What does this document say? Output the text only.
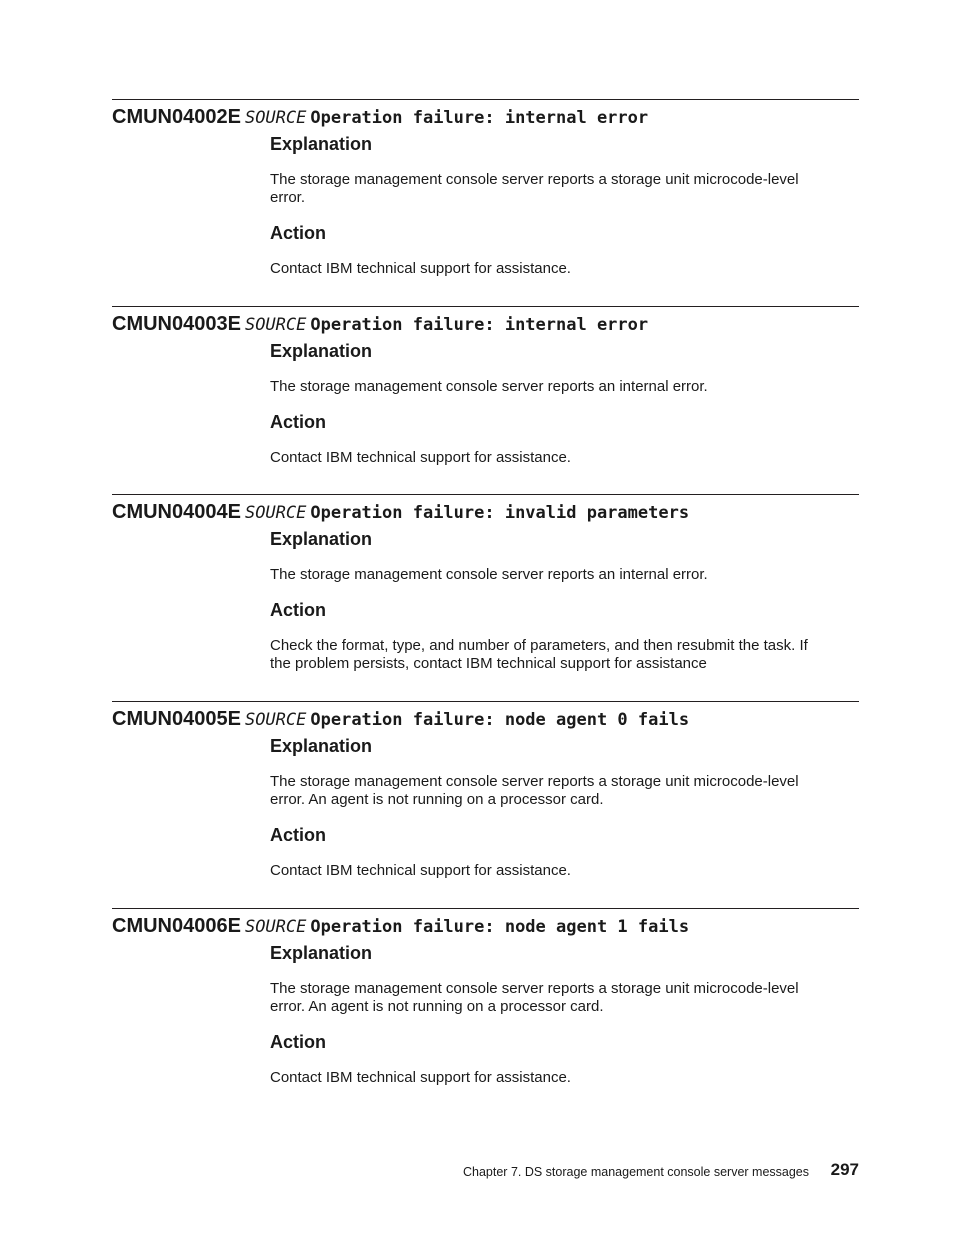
CMUN04002E SOURCE Operation failure: internal error
Explanation

The storage management console server reports a storage unit microcode-level
error.

Action

Contact IBM technical support for assistance.

CMUN04003E SOURCE Operation failure: internal error
Explanation

The storage management console server reports an internal error.

Action

Contact IBM technical support for assistance.

CMUN04004E SOURCE Operation failure: invalid parameters
Explanation

The storage management console server reports an internal error.

Action

Check the format, type, and number of parameters, and then resubmit the task. If
the problem persists, contact IBM technical support for assistance

CMUN04005E SOURCE Operation failure: node agent 0 fails
Explanation

The storage management console server reports a storage unit microcode-level
error. An agent is not running on a processor card.

Action

Contact IBM technical support for assistance.

CMUN04006E SOURCE Operation failure: node agent 1 fails
Explanation

The storage management console server reports a storage unit microcode-level
error. An agent is not running on a processor card.

Action

Contact IBM technical support for assistance.

Chapter 7. DS storage management console server messages 297
